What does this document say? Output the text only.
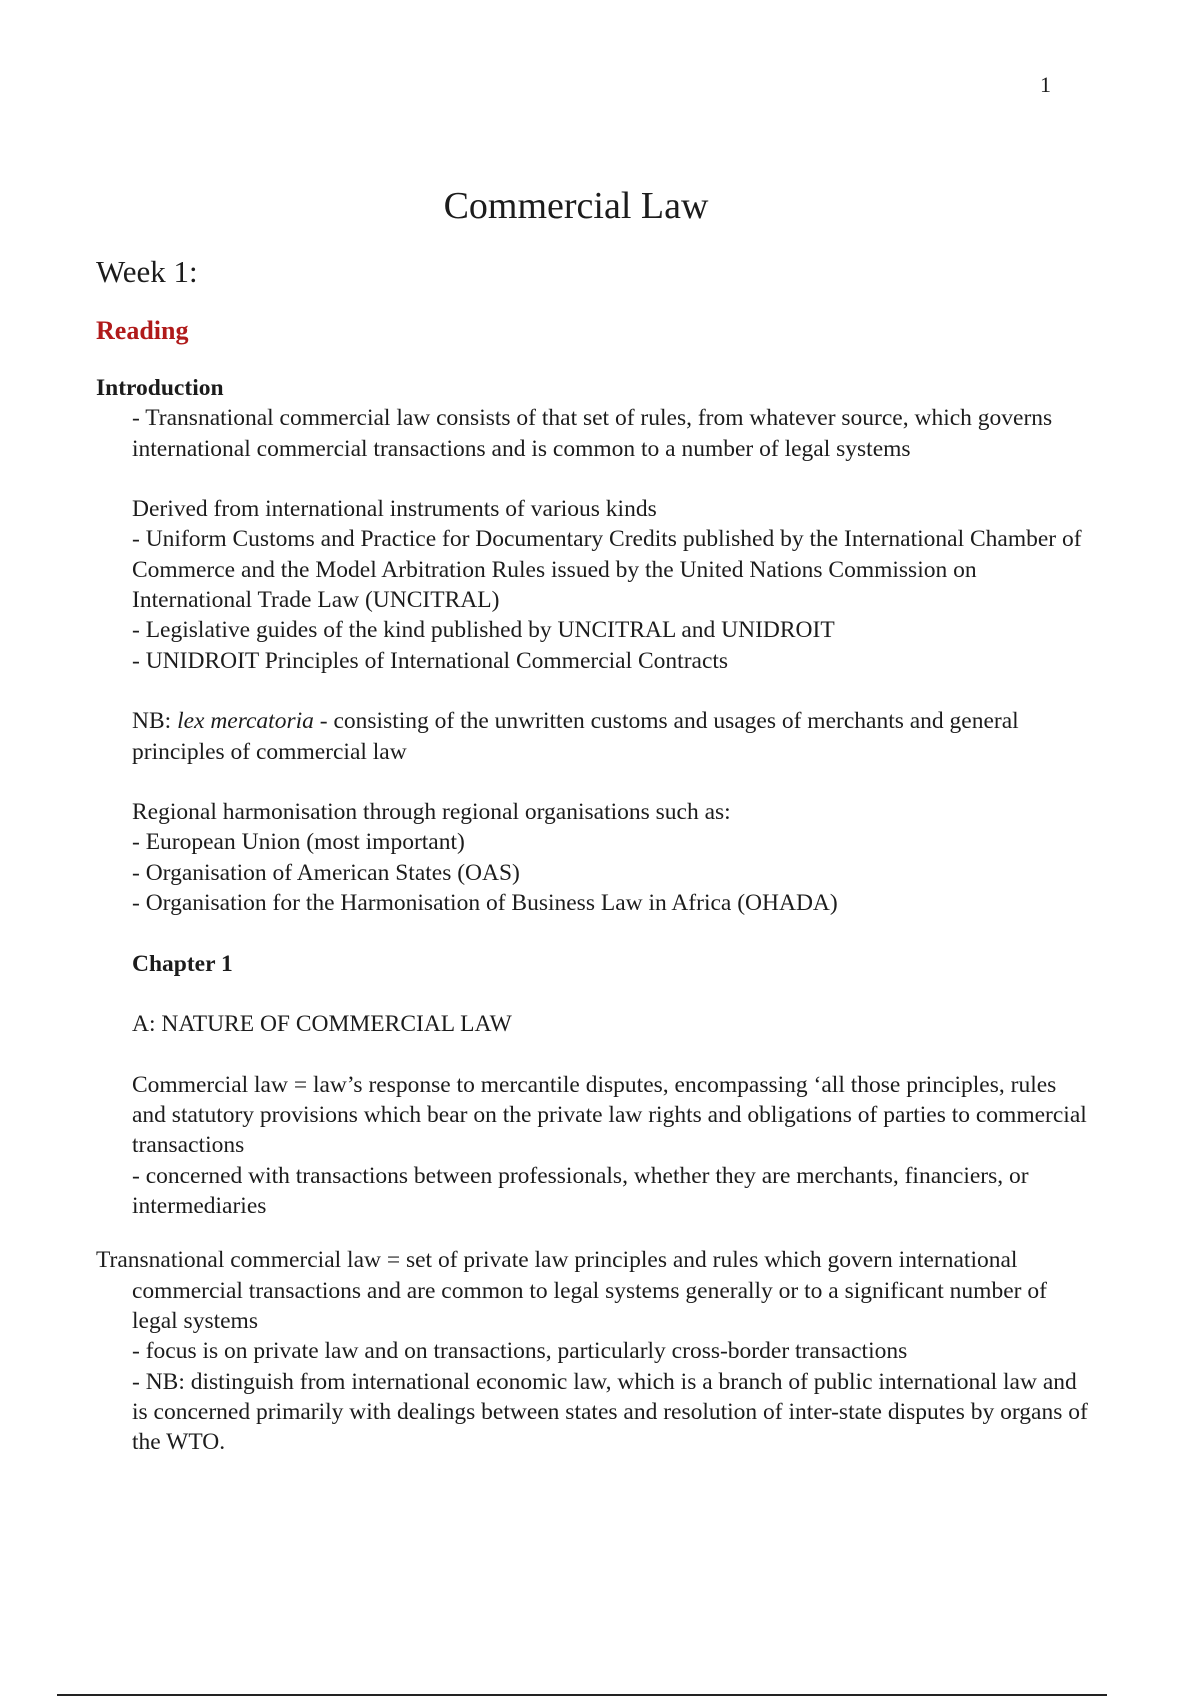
1
Commercial Law
Week 1:
Reading
Introduction
- Transnational commercial law consists of that set of rules, from whatever source, which governs international commercial transactions and is common to a number of legal systems
Derived from international instruments of various kinds
- Uniform Customs and Practice for Documentary Credits published by the International Chamber of Commerce and the Model Arbitration Rules issued by the United Nations Commission on International Trade Law (UNCITRAL)
- Legislative guides of the kind published by UNCITRAL and UNIDROIT
- UNIDROIT Principles of International Commercial Contracts
NB: lex mercatoria - consisting of the unwritten customs and usages of merchants and general principles of commercial law
Regional harmonisation through regional organisations such as:
- European Union (most important)
- Organisation of American States (OAS)
- Organisation for the Harmonisation of Business Law in Africa (OHADA)
Chapter 1
A: NATURE OF COMMERCIAL LAW
Commercial law = law’s response to mercantile disputes, encompassing ‘all those principles, rules and statutory provisions which bear on the private law rights and obligations of parties to commercial transactions
- concerned with transactions between professionals, whether they are merchants, financiers, or intermediaries
Transnational commercial law = set of private law principles and rules which govern international commercial transactions and are common to legal systems generally or to a significant number of legal systems
- focus is on private law and on transactions, particularly cross-border transactions
- NB: distinguish from international economic law, which is a branch of public international law and is concerned primarily with dealings between states and resolution of inter-state disputes by organs of the WTO.
